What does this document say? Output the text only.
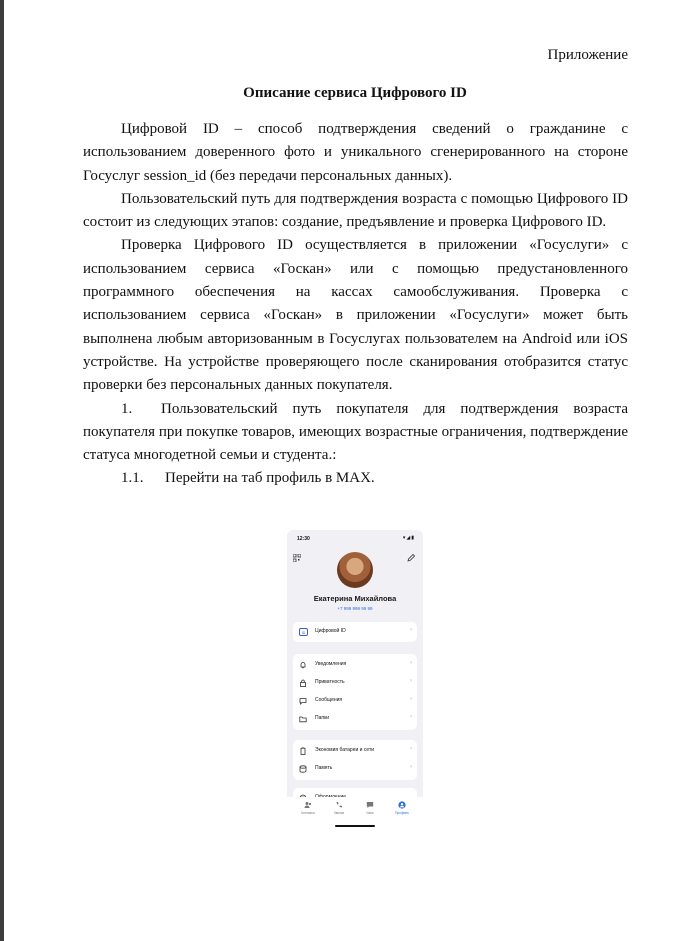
Приложение
Описание сервиса Цифрового ID

Цифровой ID – способ подтверждения сведений о гражданине с использованием доверенного фото и уникального сгенерированного на стороне Госуслуг session_id (без передачи персональных данных).

Пользовательский путь для подтверждения возраста с помощью Цифрового ID состоит из следующих этапов: создание, предъявление и проверка Цифрового ID.

Проверка Цифрового ID осуществляется в приложении «Госуслуги» с использованием сервиса «Госкан» или с помощью предустановленного программного обеспечения на кассах самообслуживания. Проверка с использованием сервиса «Госкан» в приложении «Госуслуги» может быть выполнена любым авторизованным в Госуслугах пользователем на Android или iOS устройстве. На устройстве проверяющего после сканирования отобразится статус проверки без персональных данных покупателя.

1. Пользовательский путь покупателя для подтверждения возраста покупателя при покупке товаров, имеющих возрастные ограничения, подтверждение статуса многодетной семьи и студента.:

1.1. Перейти на таб профиль в MAX.

12:30	▾◢▮
Екатерина Михайлова
+7 999 999 99 99
ID	Цифровой ID	›
Уведомления	›
Приватность	›
Сообщения	›
Папки	›
Экономия батареи и сети	›
Память	›
Контакты	Звонки	Чаты	Профиль
